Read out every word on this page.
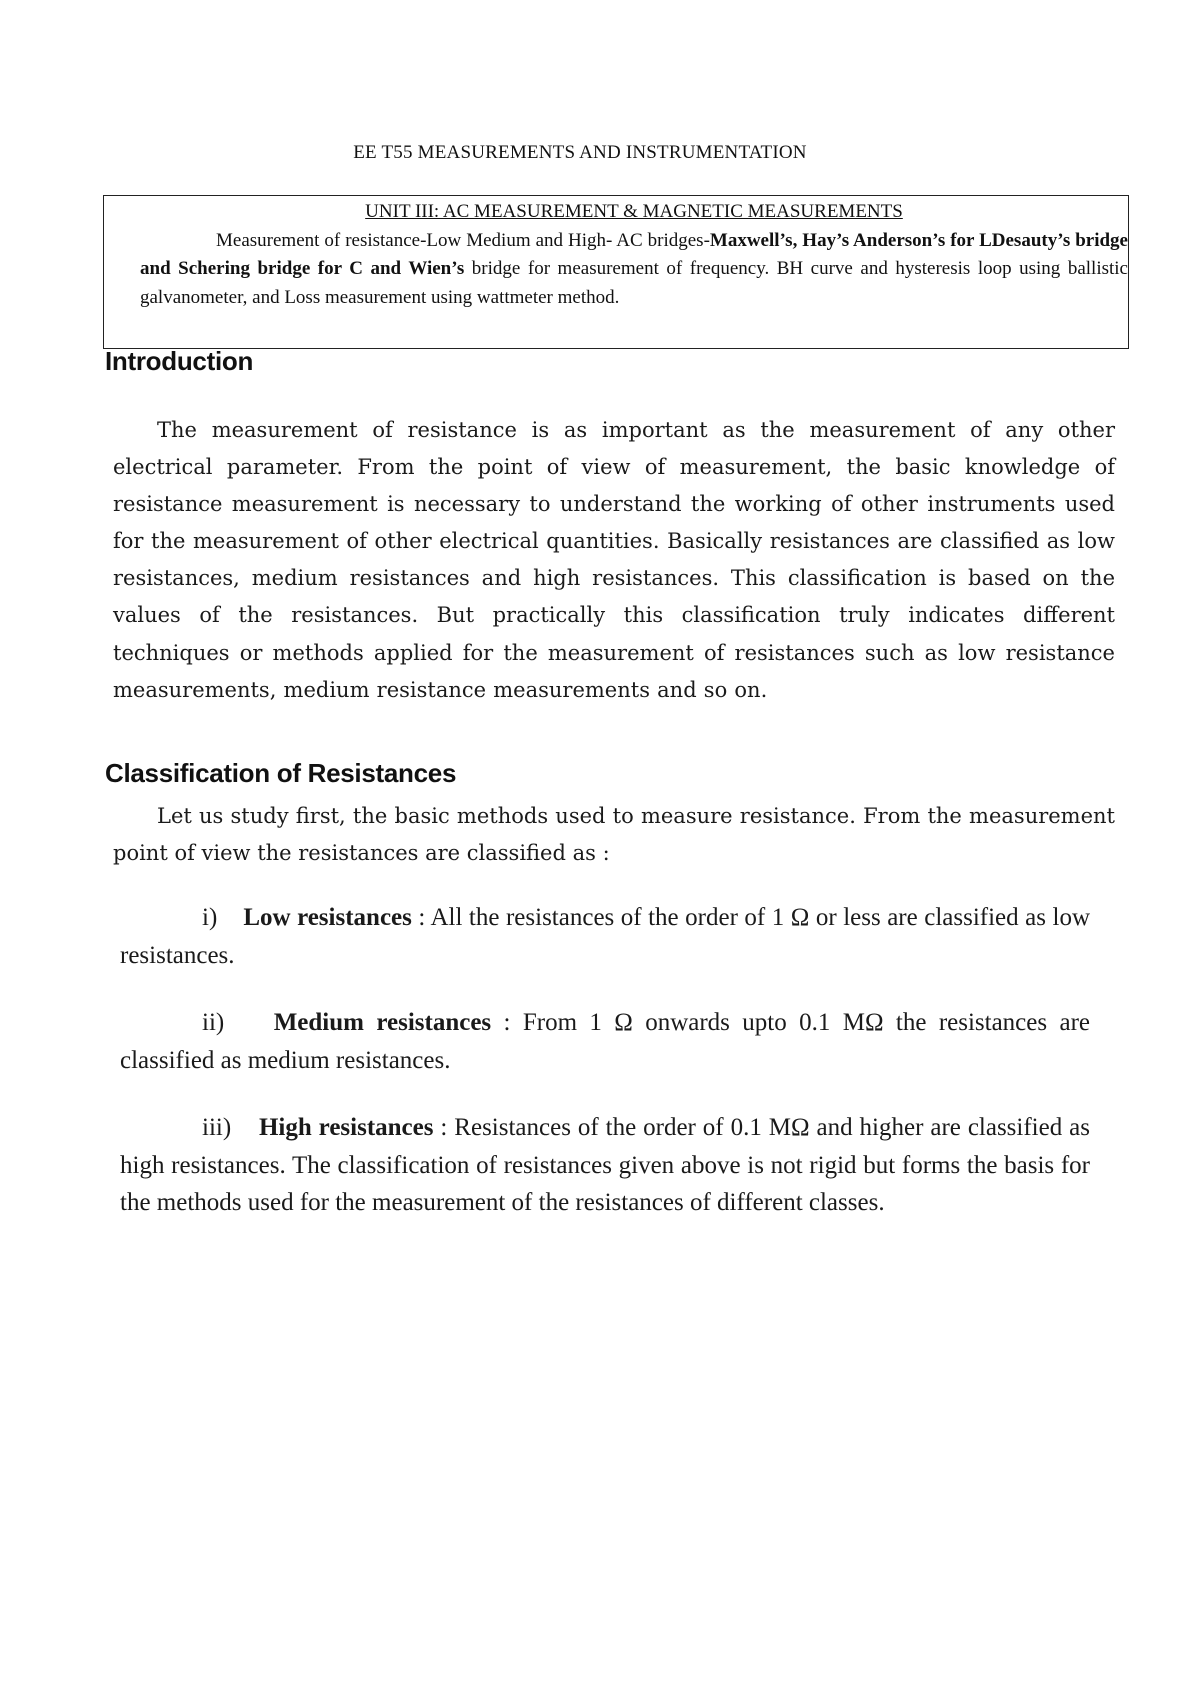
EE T55 MEASUREMENTS AND INSTRUMENTATION
UNIT III: AC MEASUREMENT & MAGNETIC MEASUREMENTS

Measurement of resistance-Low Medium and High- AC bridges-Maxwell’s, Hay’s Anderson’s for LDesauty’s bridge and Schering bridge for C and Wien’s bridge for measurement of frequency. BH curve and hysteresis loop using ballistic galvanometer, and Loss measurement using wattmeter method.

Introduction

The measurement of resistance is as important as the measurement of any other electrical parameter. From the point of view of measurement, the basic knowledge of resistance measurement is necessary to understand the working of other instruments used for the measurement of other electrical quantities. Basically resistances are classified as low resistances, medium resistances and high resistances. This classification is based on the values of the resistances. But practically this classification truly indicates different techniques or methods applied for the measurement of resistances such as low resistance measurements, medium resistance measurements and so on.

Classification of Resistances

Let us study first, the basic methods used to measure resistance. From the measurement point of view the resistances are classified as :

i) Low resistances : All the resistances of the order of 1 Ω or less are classified as low resistances.

ii) Medium resistances : From 1 Ω onwards upto 0.1 MΩ the resistances are classified as medium resistances.

iii) High resistances : Resistances of the order of 0.1 MΩ and higher are classified as high resistances. The classification of resistances given above is not rigid but forms the basis for the methods used for the measurement of the resistances of different classes.
